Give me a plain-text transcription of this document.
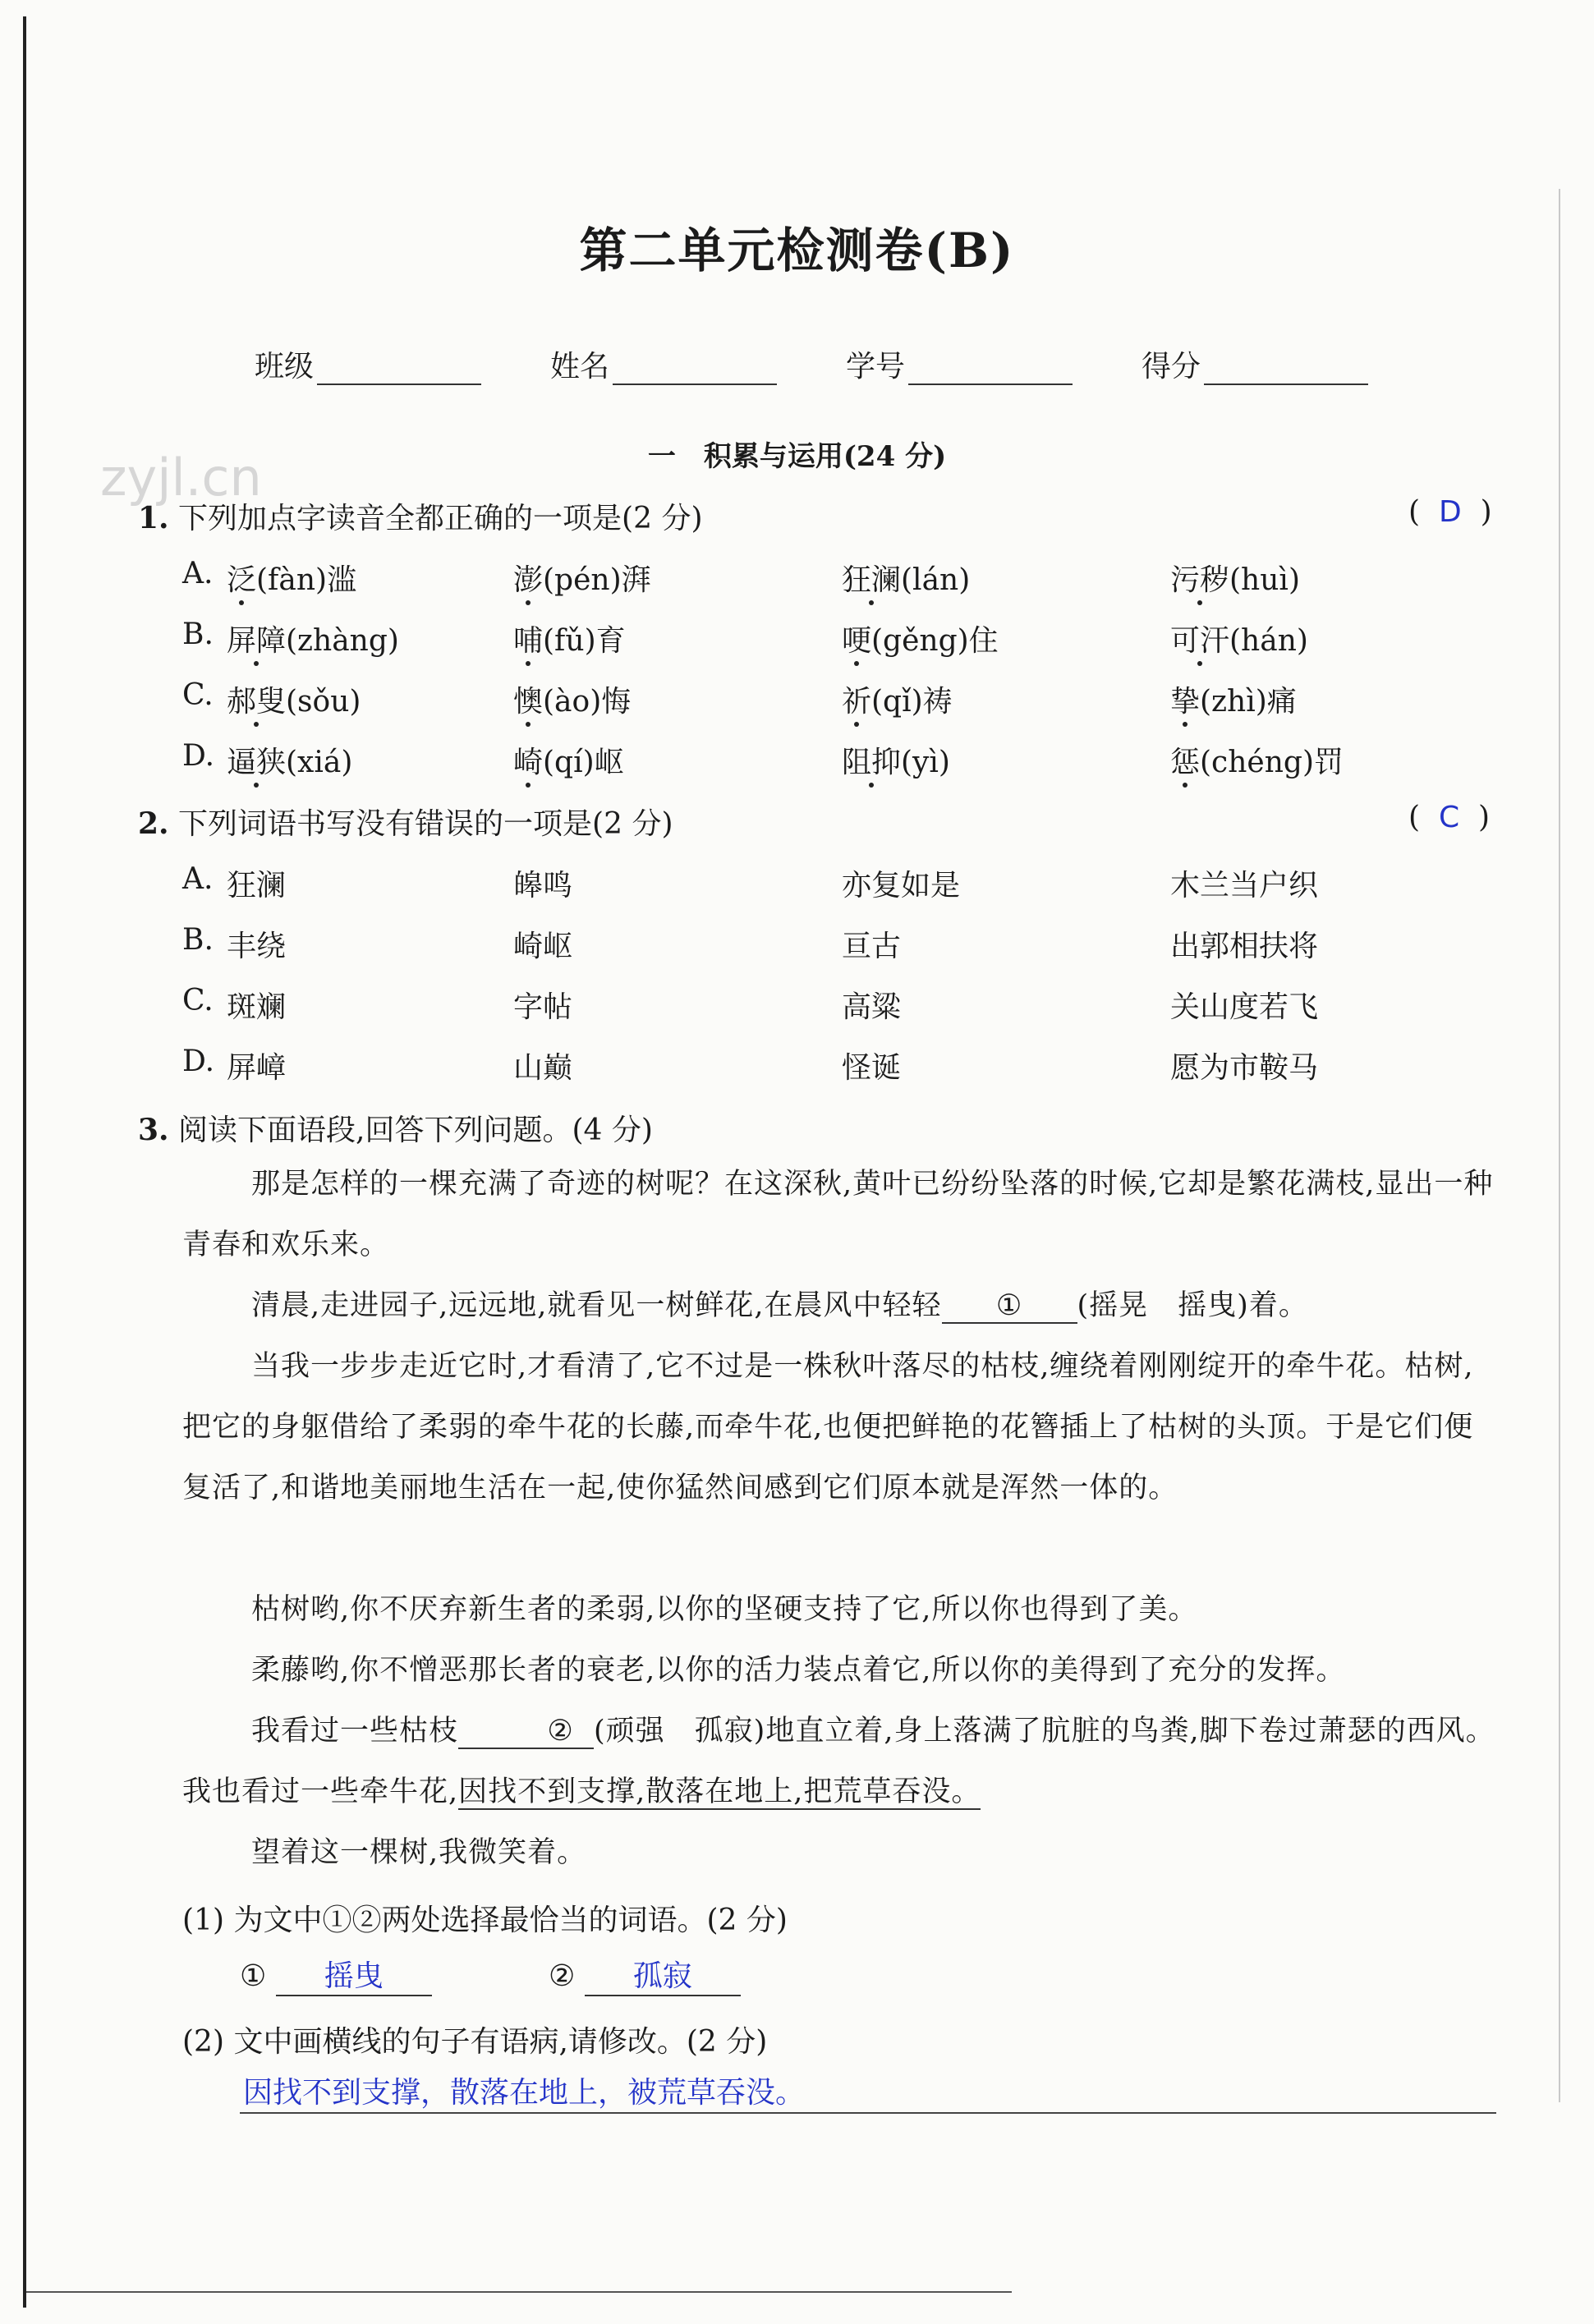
第二单元检测卷(B)
班级	姓名	学号	得分
一　积累与运用(24 分)
zyjl.cn
1. 下列加点字读音全都正确的一项是(2 分)	( D )
A. 泛(fàn)滥	澎(pén)湃	狂澜(lán)	污秽(huì)
B. 屏障(zhàng)	哺(fǔ)育	哽(gěng)住	可汗(hán)
C. 郝叟(sǒu)	懊(ào)悔	祈(qǐ)祷	挚(zhì)痛
D. 逼狭(xiá)	崎(qí)岖	阻抑(yì)	惩(chéng)罚
2. 下列词语书写没有错误的一项是(2 分)	( C )
A. 狂澜	皞鸣	亦复如是	木兰当户织
B. 丰绕	崎岖	亘古	出郭相扶将
C. 斑斓	字帖	高粱	关山度若飞
D. 屏嶂	山巅	怪诞	愿为市鞍马
3. 阅读下面语段,回答下列问题。(4 分)
那是怎样的一棵充满了奇迹的树呢？在这深秋,黄叶已纷纷坠落的时候,它却是繁花满枝,显出一种青春和欢乐来。
清晨,走进园子,远远地,就看见一树鲜花,在晨风中轻轻 ① (摇晃　摇曳)着。
当我一步步走近它时,才看清了,它不过是一株秋叶落尽的枯枝,缠绕着刚刚绽开的牵牛花。枯树,把它的身躯借给了柔弱的牵牛花的长藤,而牵牛花,也便把鲜艳的花簪插上了枯树的头顶。于是它们便复活了,和谐地美丽地生活在一起,使你猛然间感到它们原本就是浑然一体的。
枯树哟,你不厌弃新生者的柔弱,以你的坚硬支持了它,所以你也得到了美。
柔藤哟,你不憎恶那长者的衰老,以你的活力装点着它,所以你的美得到了充分的发挥。
我看过一些枯枝	② (顽强　孤寂)地直立着,身上落满了肮脏的鸟粪,脚下卷过萧瑟的西风。我也看过一些牵牛花,因找不到支撑,散落在地上,把荒草吞没。
望着这一棵树,我微笑着。
(1) 为文中①②两处选择最恰当的词语。(2 分)
① 摇曳	② 孤寂
(2) 文中画横线的句子有语病,请修改。(2 分)
因找不到支撑，散落在地上，被荒草吞没。
